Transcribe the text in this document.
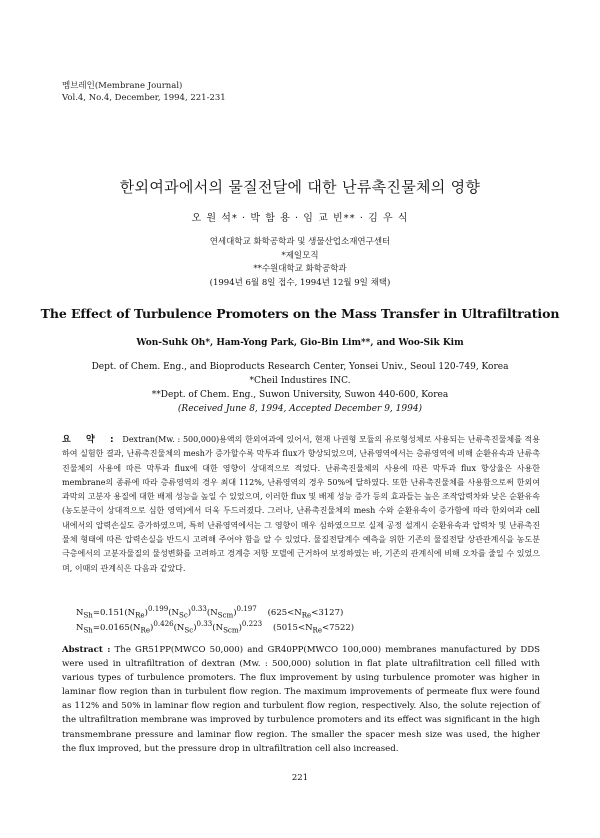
멤브레인(Membrane Journal)
Vol.4, No.4, December, 1994, 221-231
한외여과에서의 물질전달에 대한 난류촉진물체의 영향
오 원 석* · 박 함 용 · 임 교 빈** · 김 우 식
연세대학교 화학공학과 및 생물산업소재연구센터
*제일모직
**수원대학교 화학공학과
(1994년 6월 8일 접수, 1994년 12월 9일 채택)
The Effect of Turbulence Promoters on the Mass Transfer in Ultrafiltration
Won-Suhk Oh*, Ham-Yong Park, Gio-Bin Lim**, and Woo-Sik Kim
Dept. of Chem. Eng., and Bioproducts Research Center, Yonsei Univ., Seoul 120-749, Korea
*Cheil Industires INC.
**Dept. of Chem. Eng., Suwon University, Suwon 440-600, Korea
(Received June 8, 1994, Accepted December 9, 1994)
요 약 : Dextran(Mw. : 500,000)용액의 한외여과에 있어서, 현재 나권형 모듈의 유로형성체로 사용되는 난류촉진물체를 적용하여 실험한 결과, 난류촉진물체의 mesh가 증가할수록 막투과 flux가 향상되었으며, 난류영역에서는 층류영역에 비해 순환유속과 난류촉진물체의 사용에 따른 막투과 flux에 대한 영향이 상대적으로 적었다. 난류촉진물체의 사용에 따른 막투과 flux 향상율은 사용한 membrane의 종류에 따라 층류영역의 경우 최대 112%, 난류영역의 경우 50%에 달하였다. 또한 난류촉진물체를 사용함으로써 한외여과막의 고분자 용질에 대한 배제 성능을 높일 수 있었으며, 이러한 flux 및 배제 성능 증가 등의 효과들는 높은 조작압력차와 낮은 순환유속(농도분극이 상대적으로 심한 영역)에서 더욱 두드러졌다. 그러나, 난류촉진물체의 mesh 수와 순환유속이 증가함에 따라 한외여과 cell 내에서의 압력손실도 증가하였으며, 특히 난류영역에서는 그 영향이 매우 심하였으므로 실제 공정 설계시 순환유속과 압력차 및 난류촉진물체 형태에 따른 압력손실을 반드시 고려해 주어야 함을 알 수 있었다. 물질전달계수 예측을 위한 기존의 물질전달 상관관계식을 농도분극층에서의 고분자물질의 물성변화를 고려하고 경계층 저항 모델에 근거하여 보정하였는 바, 기존의 관계식에 비해 오차를 줄일 수 있었으며, 이때의 관계식은 다음과 같았다.
$N_{Sh}=0.151(N_{Re})^{0.199}(N_{Sc})^{0.33}(N_{Scm})^{0.197}$ $(625<N_{Re}<3127)$
$N_{Sh}=0.0165(N_{Re})^{0.426}(N_{Sc})^{0.33}(N_{Scm})^{0.223}$ $(5015<N_{Re}<7522)$
Abstract : The GR51PP(MWCO 50,000) and GR40PP(MWCO 100,000) membranes manufactured by DDS were used in ultrafiltration of dextran (Mw. : 500,000) solution in flat plate ultrafiltration cell filled with various types of turbulence promoters. The flux improvement by using turbulence promoter was higher in laminar flow region than in turbulent flow region. The maximum improvements of permeate flux were found as 112% and 50% in laminar flow region and turbulent flow region, respectively. Also, the solute rejection of the ultrafiltration membrane was improved by turbulence promoters and its effect was significant in the high transmembrane pressure and laminar flow region. The smaller the spacer mesh size was used, the higher the flux improved, but the pressure drop in ultrafiltration cell also increased.
221
